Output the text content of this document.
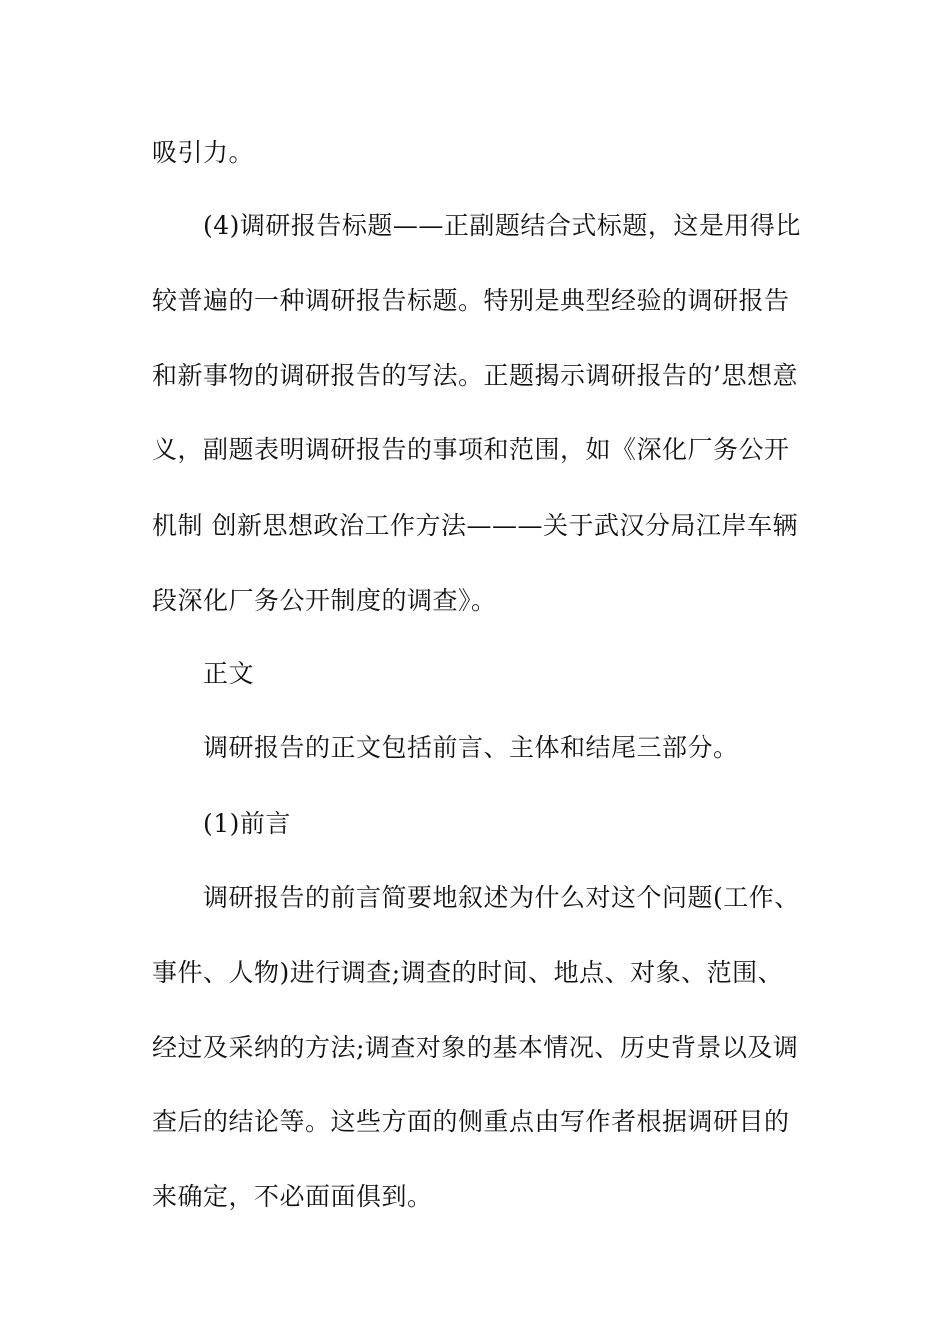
吸引力。
(4)调研报告标题——正副题结合式标题，这是用得比
较普遍的一种调研报告标题。特别是典型经验的调研报告
和新事物的调研报告的写法。正题揭示调研报告的’思想意
义，副题表明调研报告的事项和范围，如《深化厂务公开
机制 创新思想政治工作方法———关于武汉分局江岸车辆
段深化厂务公开制度的调查》。
正文
调研报告的正文包括前言、主体和结尾三部分。
(1)前言
调研报告的前言简要地叙述为什么对这个问题(工作、
事件、人物)进行调查;调查的时间、地点、对象、范围、
经过及采纳的方法;调查对象的基本情况、历史背景以及调
查后的结论等。这些方面的侧重点由写作者根据调研目的
来确定，不必面面俱到。
